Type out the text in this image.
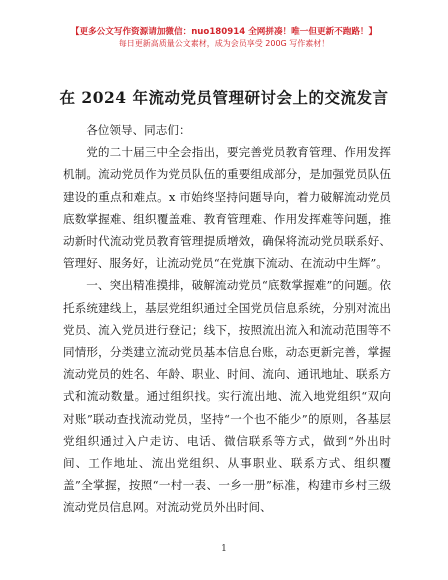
【更多公文写作资源请加微信：nuo180914 全网拼凑！唯一但更新不跑路！】
每日更新高质量公文素材，成为会员享受 200G 写作素材！
在 2024 年流动党员管理研讨会上的交流发言

各位领导、同志们：

党的二十届三中全会指出，要完善党员教育管理、作用发挥机制。流动党员作为党员队伍的重要组成部分，是加强党员队伍建设的重点和难点。x 市始终坚持问题导向，着力破解流动党员底数掌握难、组织覆盖难、教育管理难、作用发挥难等问题，推动新时代流动党员教育管理提质增效，确保将流动党员联系好、管理好、服务好，让流动党员“在党旗下流动、在流动中生辉”。

一、突出精准摸排，破解流动党员“底数掌握难”的问题。依托系统建线上，基层党组织通过全国党员信息系统，分别对流出党员、流入党员进行登记；线下，按照流出流入和流动范围等不同情形，分类建立流动党员基本信息台账，动态更新完善，掌握流动党员的姓名、年龄、职业、时间、流向、通讯地址、联系方式和流动数量。通过组织找。实行流出地、流入地党组织“双向对账”联动查找流动党员，坚持“一个也不能少”的原则，各基层党组织通过入户走访、电话、微信联系等方式，做到“外出时间、工作地址、流出党组织、从事职业、联系方式、组织覆盖”全掌握，按照“一村一表、一乡一册”标准，构建市乡村三级流动党员信息网。对流动党员外出时间、

1
